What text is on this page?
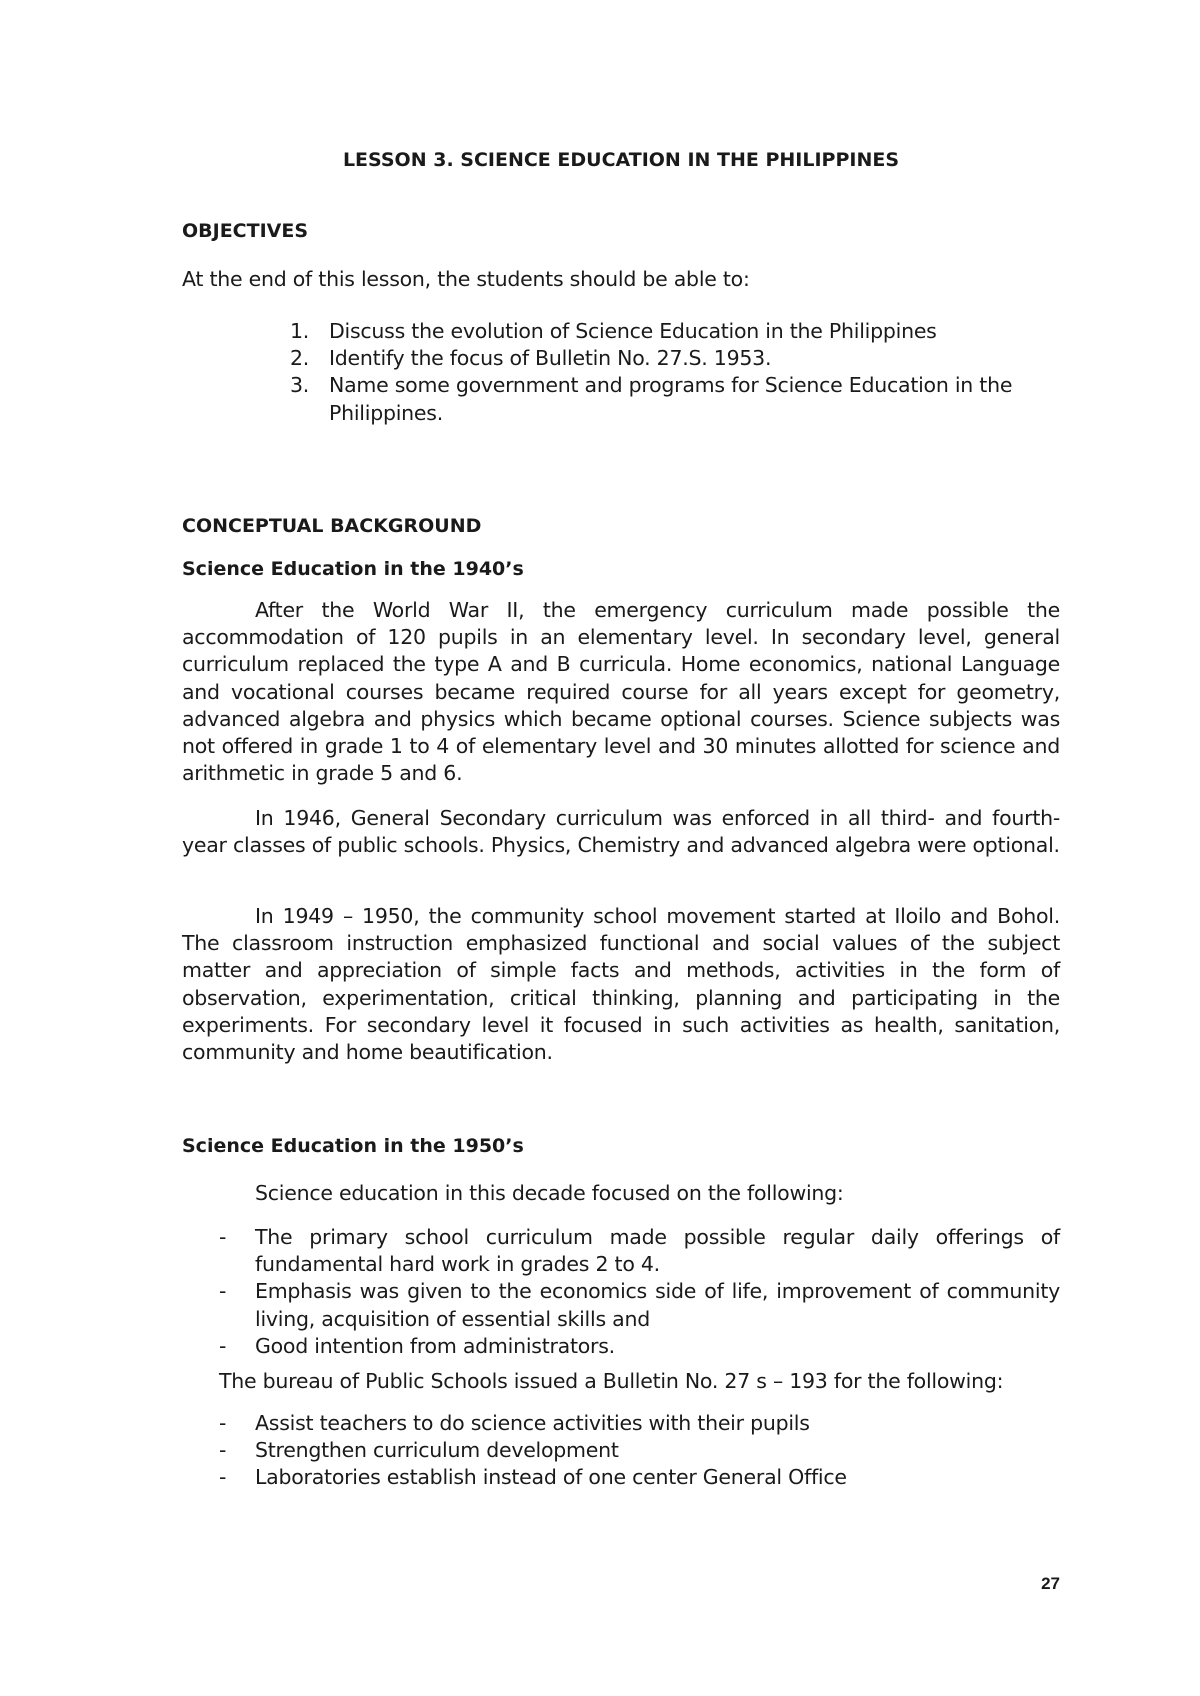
LESSON 3. SCIENCE EDUCATION IN THE PHILIPPINES

OBJECTIVES

At the end of this lesson, the students should be able to:

1. Discuss the evolution of Science Education in the Philippines
2. Identify the focus of Bulletin No. 27.S. 1953.
3. Name some government and programs for Science Education in the Philippines.

CONCEPTUAL BACKGROUND

Science Education in the 1940’s

After the World War II, the emergency curriculum made possible the accommodation of 120 pupils in an elementary level. In secondary level, general curriculum replaced the type A and B curricula. Home economics, national Language and vocational courses became required course for all years except for geometry, advanced algebra and physics which became optional courses. Science subjects was not offered in grade 1 to 4 of elementary level and 30 minutes allotted for science and arithmetic in grade 5 and 6.

In 1946, General Secondary curriculum was enforced in all third- and fourth-year classes of public schools. Physics, Chemistry and advanced algebra were optional.

In 1949 – 1950, the community school movement started at Iloilo and Bohol. The classroom instruction emphasized functional and social values of the subject matter and appreciation of simple facts and methods, activities in the form of observation, experimentation, critical thinking, planning and participating in the experiments. For secondary level it focused in such activities as health, sanitation, community and home beautification.

Science Education in the 1950’s

Science education in this decade focused on the following:

- The primary school curriculum made possible regular daily offerings of fundamental hard work in grades 2 to 4.
- Emphasis was given to the economics side of life, improvement of community living, acquisition of essential skills and
- Good intention from administrators.

The bureau of Public Schools issued a Bulletin No. 27 s – 193 for the following:

- Assist teachers to do science activities with their pupils
- Strengthen curriculum development
- Laboratories establish instead of one center General Office
27
